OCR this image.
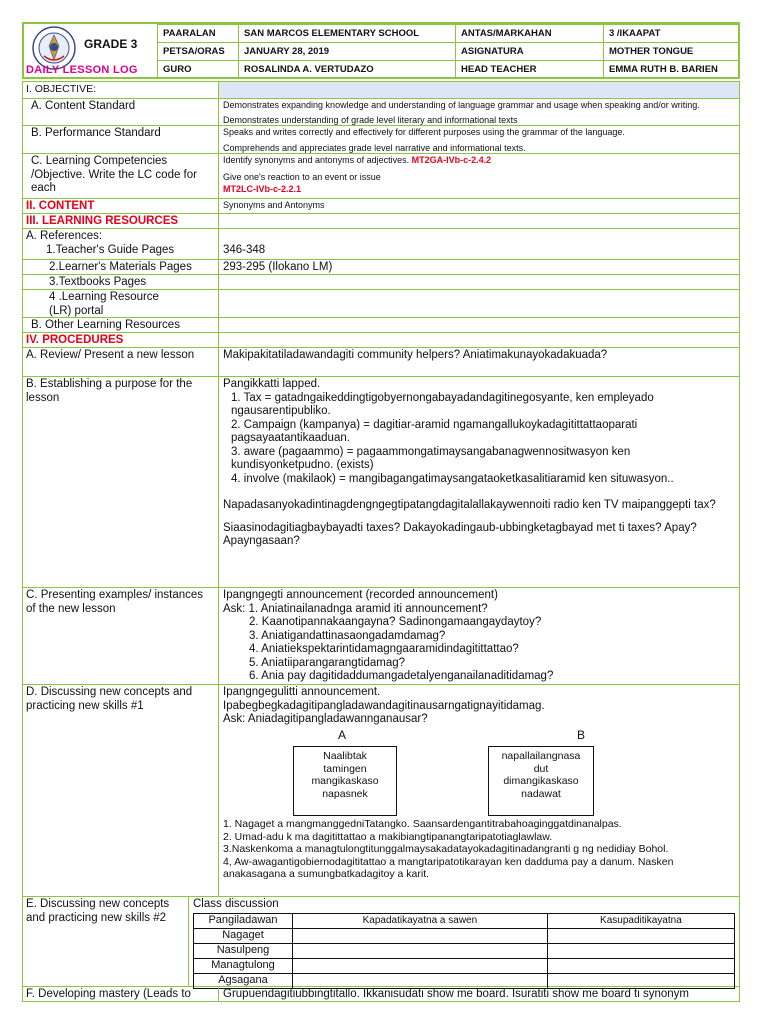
GRADE 3
DAILY LESSON LOG
PAARALAN	SAN MARCOS ELEMENTARY SCHOOL	ANTAS/MARKAHAN	3 /IKAAPAT
PETSA/ORAS	JANUARY 28, 2019	ASIGNATURA	MOTHER TONGUE
GURO	ROSALINDA A. VERTUDAZO	HEAD TEACHER	EMMA RUTH B. BARIEN
I. OBJECTIVE:
A. Content Standard	Demonstrates expanding knowledge and understanding of language grammar and usage when speaking and/or writing.
Demonstrates understanding of grade level literary and informational texts
B. Performance Standard	Speaks and writes correctly and effectively for different purposes using the grammar of the language.
Comprehends and appreciates grade level narrative and informational texts.
C. Learning Competencies /Objective. Write the LC code for each
Identify synonyms and antonyms of adjectives. MT2GA-IVb-c-2.4.2
Give one's reaction to an event or issue
MT2LC-IVb-c-2.2.1
II. CONTENT	Synonyms and Antonyms
III. LEARNING RESOURCES
A. References:
1.Teacher's Guide Pages	346-348
2.Learner's Materials Pages	293-295 (Ilokano LM)
3.Textbooks Pages
4 .Learning Resource (LR) portal
B. Other Learning Resources
IV. PROCEDURES
A. Review/ Present a new lesson	Makipakitatiladawandagiti community helpers? Aniatimakunayokadakuada?
B. Establishing a purpose for the lesson
Pangikkatti lapped.
1. Tax = gatadngaikeddingtigobyernongabayadandagitinegosyante, ken empleyado ngausarentipubliko.
2. Campaign (kampanya) = dagitiar-aramid ngamangallukoykadagitittattaoparati pagsayaatantikaaduan.
3. aware (pagaammo) = pagaammongatimaysangabanagwennositwasyon ken kundisyonketpudno. (exists)
4. involve (makilaok) = mangibagangatimaysangataoketkasalitiaramid ken situwasyon..
Napadasanyokadintinagdengngegtipatangdagitalallakaywennoiti radio ken TV maipanggepti tax?
Siaasinodagitiagbaybayadti taxes? Dakayokadingaub-ubbingketagbayad met ti taxes? Apay? Apayngasaan?
C. Presenting examples/ instances of the new lesson
Ipangngegti announcement (recorded announcement)
Ask: 1. Aniatinailanadnga aramid iti announcement?
2. Kaanotipannakaangayna? Sadinongamaangaydaytoy?
3. Aniatigandattinasaongadamdamag?
4. Aniatiekspektarintidamagngaaramidindagitittattao?
5. Aniatiiparangarangtidamag?
6. Ania pay dagitidaddumangadetalyenganailanaditidamag?
D. Discussing new concepts and practicing new skills #1
Ipangngegulitti announcement.
Ipabegbegkadagitipangladawandagitinausarngatignayitidamag.
Ask: Aniadagitipangladawannganausar?
A	B
Naalibtak
tamingen
mangikaskaso
napasnek
napallailangnasa
dut
dimangikaskaso
nadawat
1. Nagaget a mangmanggedniTatangko. Saansardengantitrabahoaginggatdinanalpas.
2. Umad-adu k ma dagitittattao a makibiangtipanangtaripatotiaglawlaw.
3.Naskenkoma a managtulongtitunggalmaysakadatayokadagitinadangranti g ng nedidiay Bohol.
4, Aw-awagantigobiernodagititattao a mangtaripatotikarayan ken dadduma pay a danum. Nasken anakasagana a sumungbatkadagitoy a karit.
E. Discussing new concepts and practicing new skills #2
Class discussion
Pangiladawan	Kapadatikayatna a sawen	Kasupaditikayatna
Nagaget		
Nasulpeng		
Managtulong		
Agsagana		
F. Developing mastery (Leads to	Grupuendagitiubbingtitallo. Ikkanisudati show me board. Isuratiti show me board ti synonym
